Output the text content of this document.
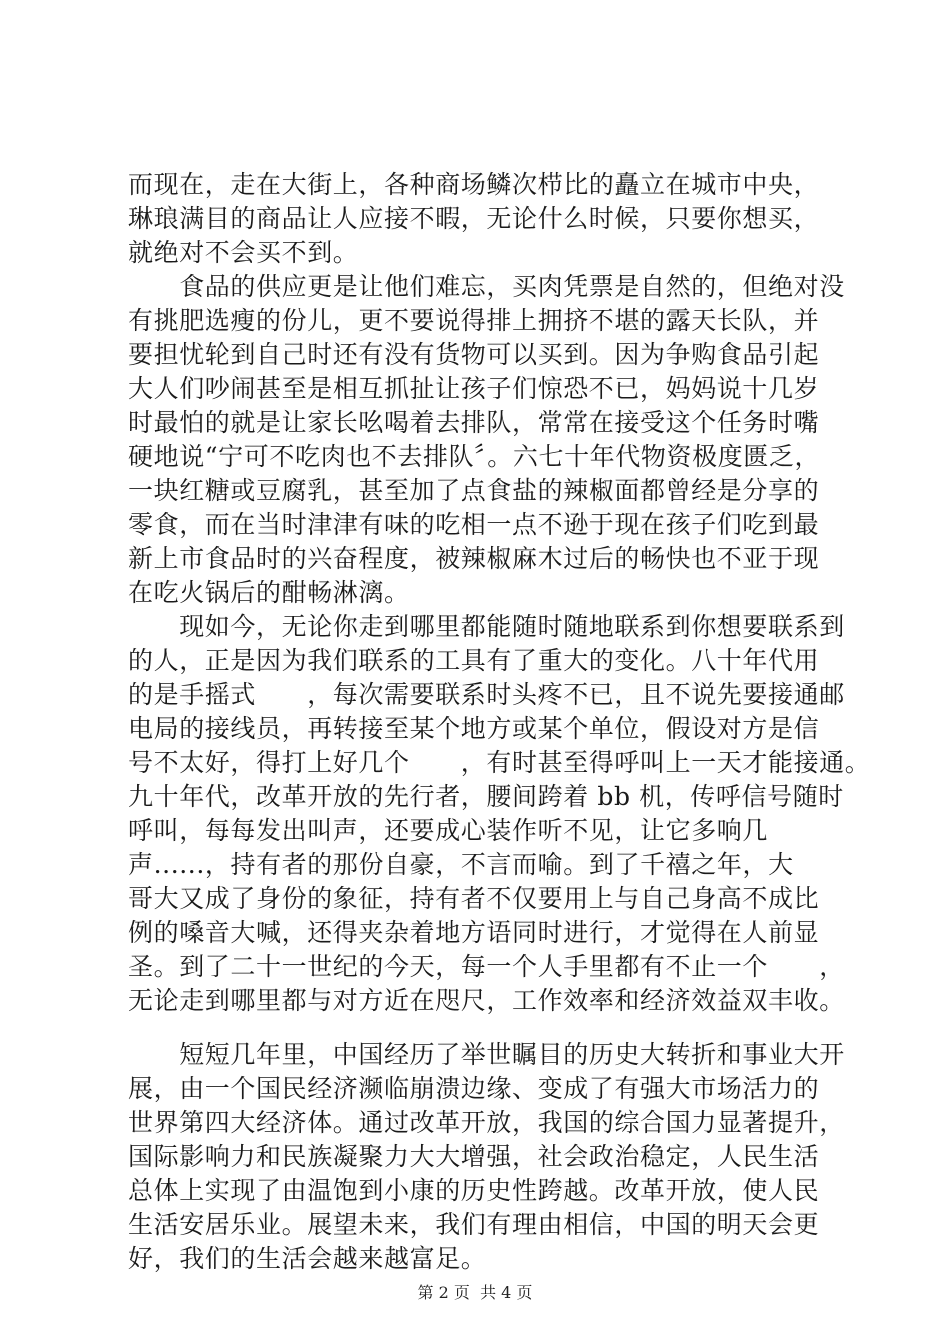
而现在，走在大街上，各种商场鳞次栉比的矗立在城市中央，
琳琅满目的商品让人应接不暇，无论什么时候，只要你想买，
就绝对不会买不到。
　　食品的供应更是让他们难忘，买肉凭票是自然的，但绝对没
有挑肥选瘦的份儿，更不要说得排上拥挤不堪的露天长队，并
要担忧轮到自己时还有没有货物可以买到。因为争购食品引起
大人们吵闹甚至是相互抓扯让孩子们惊恐不已，妈妈说十几岁
时最怕的就是让家长吆喝着去排队，常常在接受这个任务时嘴
硬地说“宁可不吃肉也不去排队〞。六七十年代物资极度匮乏，
一块红糖或豆腐乳，甚至加了点食盐的辣椒面都曾经是分享的
零食，而在当时津津有味的吃相一点不逊于现在孩子们吃到最
新上市食品时的兴奋程度，被辣椒麻木过后的畅快也不亚于现
在吃火锅后的酣畅淋漓。
　　现如今，无论你走到哪里都能随时随地联系到你想要联系到
的人，正是因为我们联系的工具有了重大的变化。八十年代用
的是手摇式　　，每次需要联系时头疼不已，且不说先要接通邮
电局的接线员，再转接至某个地方或某个单位，假设对方是信
号不太好，得打上好几个　　，有时甚至得呼叫上一天才能接通。
九十年代，改革开放的先行者，腰间跨着 bb 机，传呼信号随时
呼叫，每每发出叫声，还要成心装作听不见，让它多响几
声......，持有者的那份自豪，不言而喻。到了千禧之年，大
哥大又成了身份的象征，持有者不仅要用上与自己身高不成比
例的嗓音大喊，还得夹杂着地方语同时进行，才觉得在人前显
圣。到了二十一世纪的今天，每一个人手里都有不止一个　　，
无论走到哪里都与对方近在咫尺，工作效率和经济效益双丰收。
　　短短几年里，中国经历了举世瞩目的历史大转折和事业大开
展，由一个国民经济濒临崩溃边缘、变成了有强大市场活力的
世界第四大经济体。通过改革开放，我国的综合国力显著提升，
国际影响力和民族凝聚力大大增强，社会政治稳定，人民生活
总体上实现了由温饱到小康的历史性跨越。改革开放，使人民
生活安居乐业。展望未来，我们有理由相信，中国的明天会更
好，我们的生活会越来越富足。
第 2 页  共 4 页
